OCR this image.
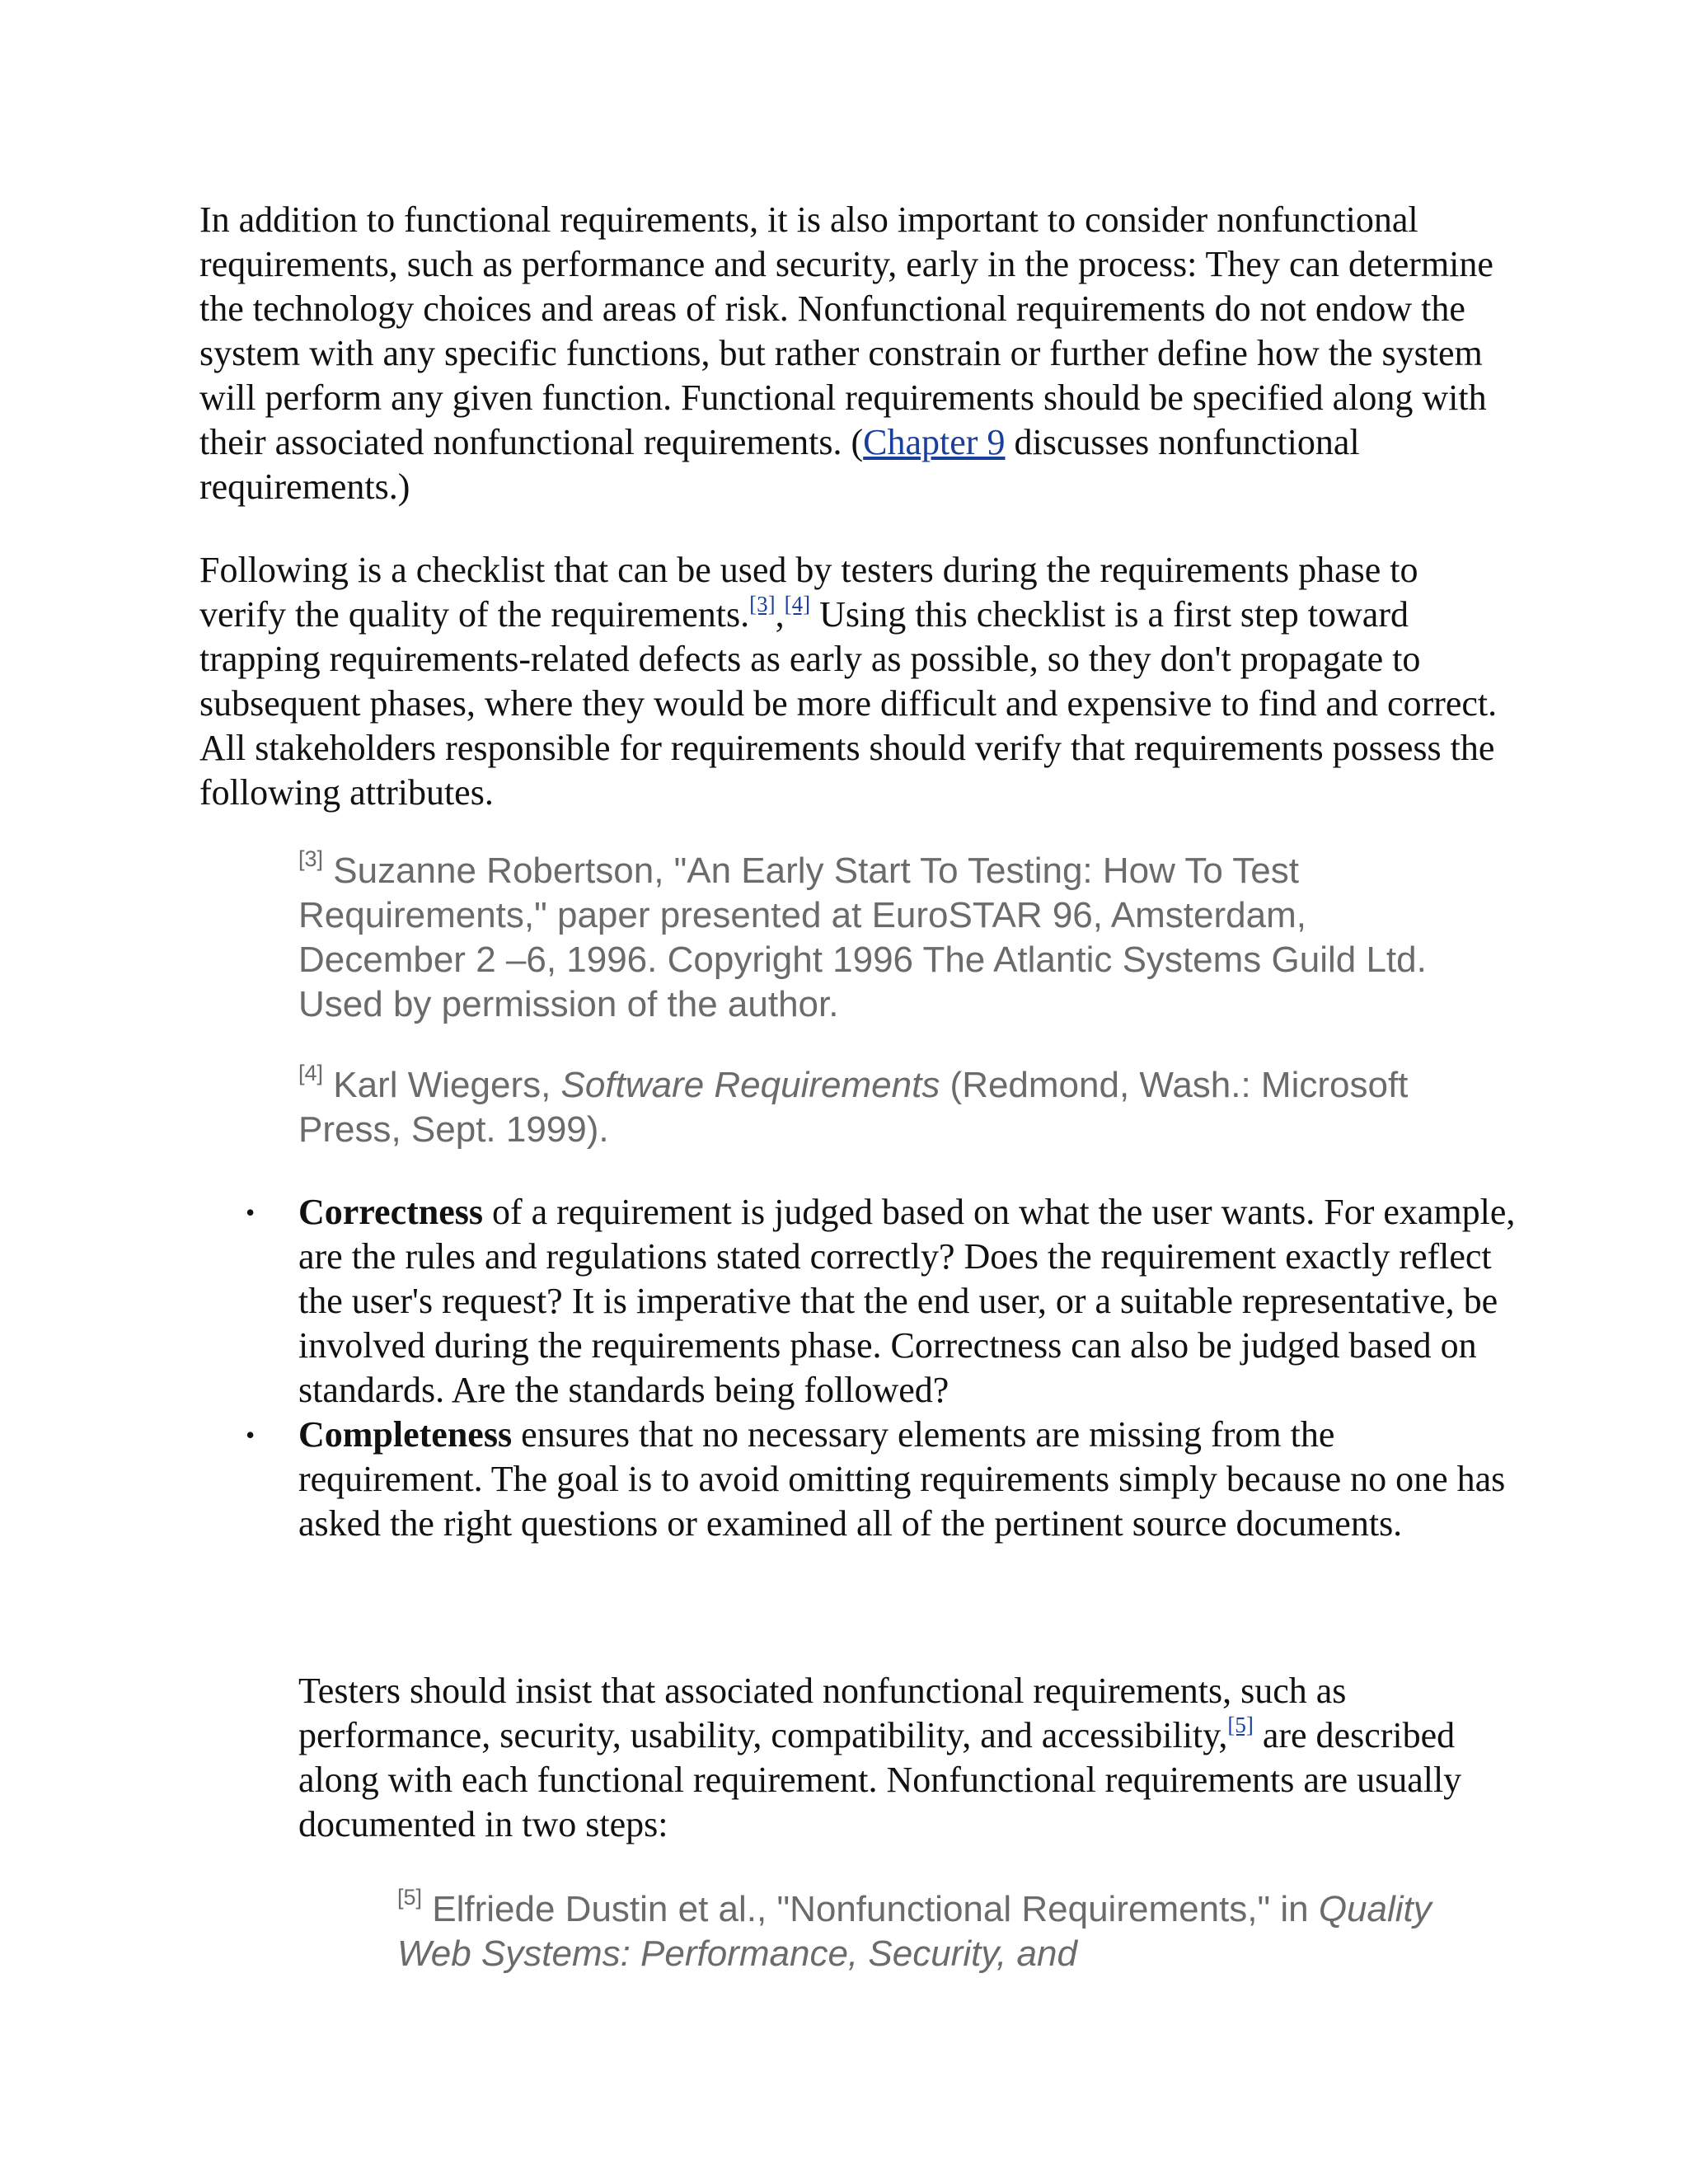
In addition to functional requirements, it is also important to consider nonfunctional requirements, such as performance and security, early in the process: They can determine the technology choices and areas of risk. Nonfunctional requirements do not endow the system with any specific functions, but rather constrain or further define how the system will perform any given function. Functional requirements should be specified along with their associated nonfunctional requirements. (Chapter 9 discusses nonfunctional requirements.)

Following is a checklist that can be used by testers during the requirements phase to verify the quality of the requirements.[3],[4] Using this checklist is a first step toward trapping requirements-related defects as early as possible, so they don't propagate to subsequent phases, where they would be more difficult and expensive to find and correct. All stakeholders responsible for requirements should verify that requirements possess the following attributes.

[3] Suzanne Robertson, "An Early Start To Testing: How To Test Requirements," paper presented at EuroSTAR 96, Amsterdam, December 2 –6, 1996. Copyright 1996 The Atlantic Systems Guild Ltd. Used by permission of the author.

[4] Karl Wiegers, Software Requirements (Redmond, Wash.: Microsoft Press, Sept. 1999).

• Correctness of a requirement is judged based on what the user wants. For example, are the rules and regulations stated correctly? Does the requirement exactly reflect the user's request? It is imperative that the end user, or a suitable representative, be involved during the requirements phase. Correctness can also be judged based on standards. Are the standards being followed?
• Completeness ensures that no necessary elements are missing from the requirement. The goal is to avoid omitting requirements simply because no one has asked the right questions or examined all of the pertinent source documents.

Testers should insist that associated nonfunctional requirements, such as performance, security, usability, compatibility, and accessibility,[5] are described along with each functional requirement. Nonfunctional requirements are usually documented in two steps:

[5] Elfriede Dustin et al., "Nonfunctional Requirements," in Quality Web Systems: Performance, Security, and
